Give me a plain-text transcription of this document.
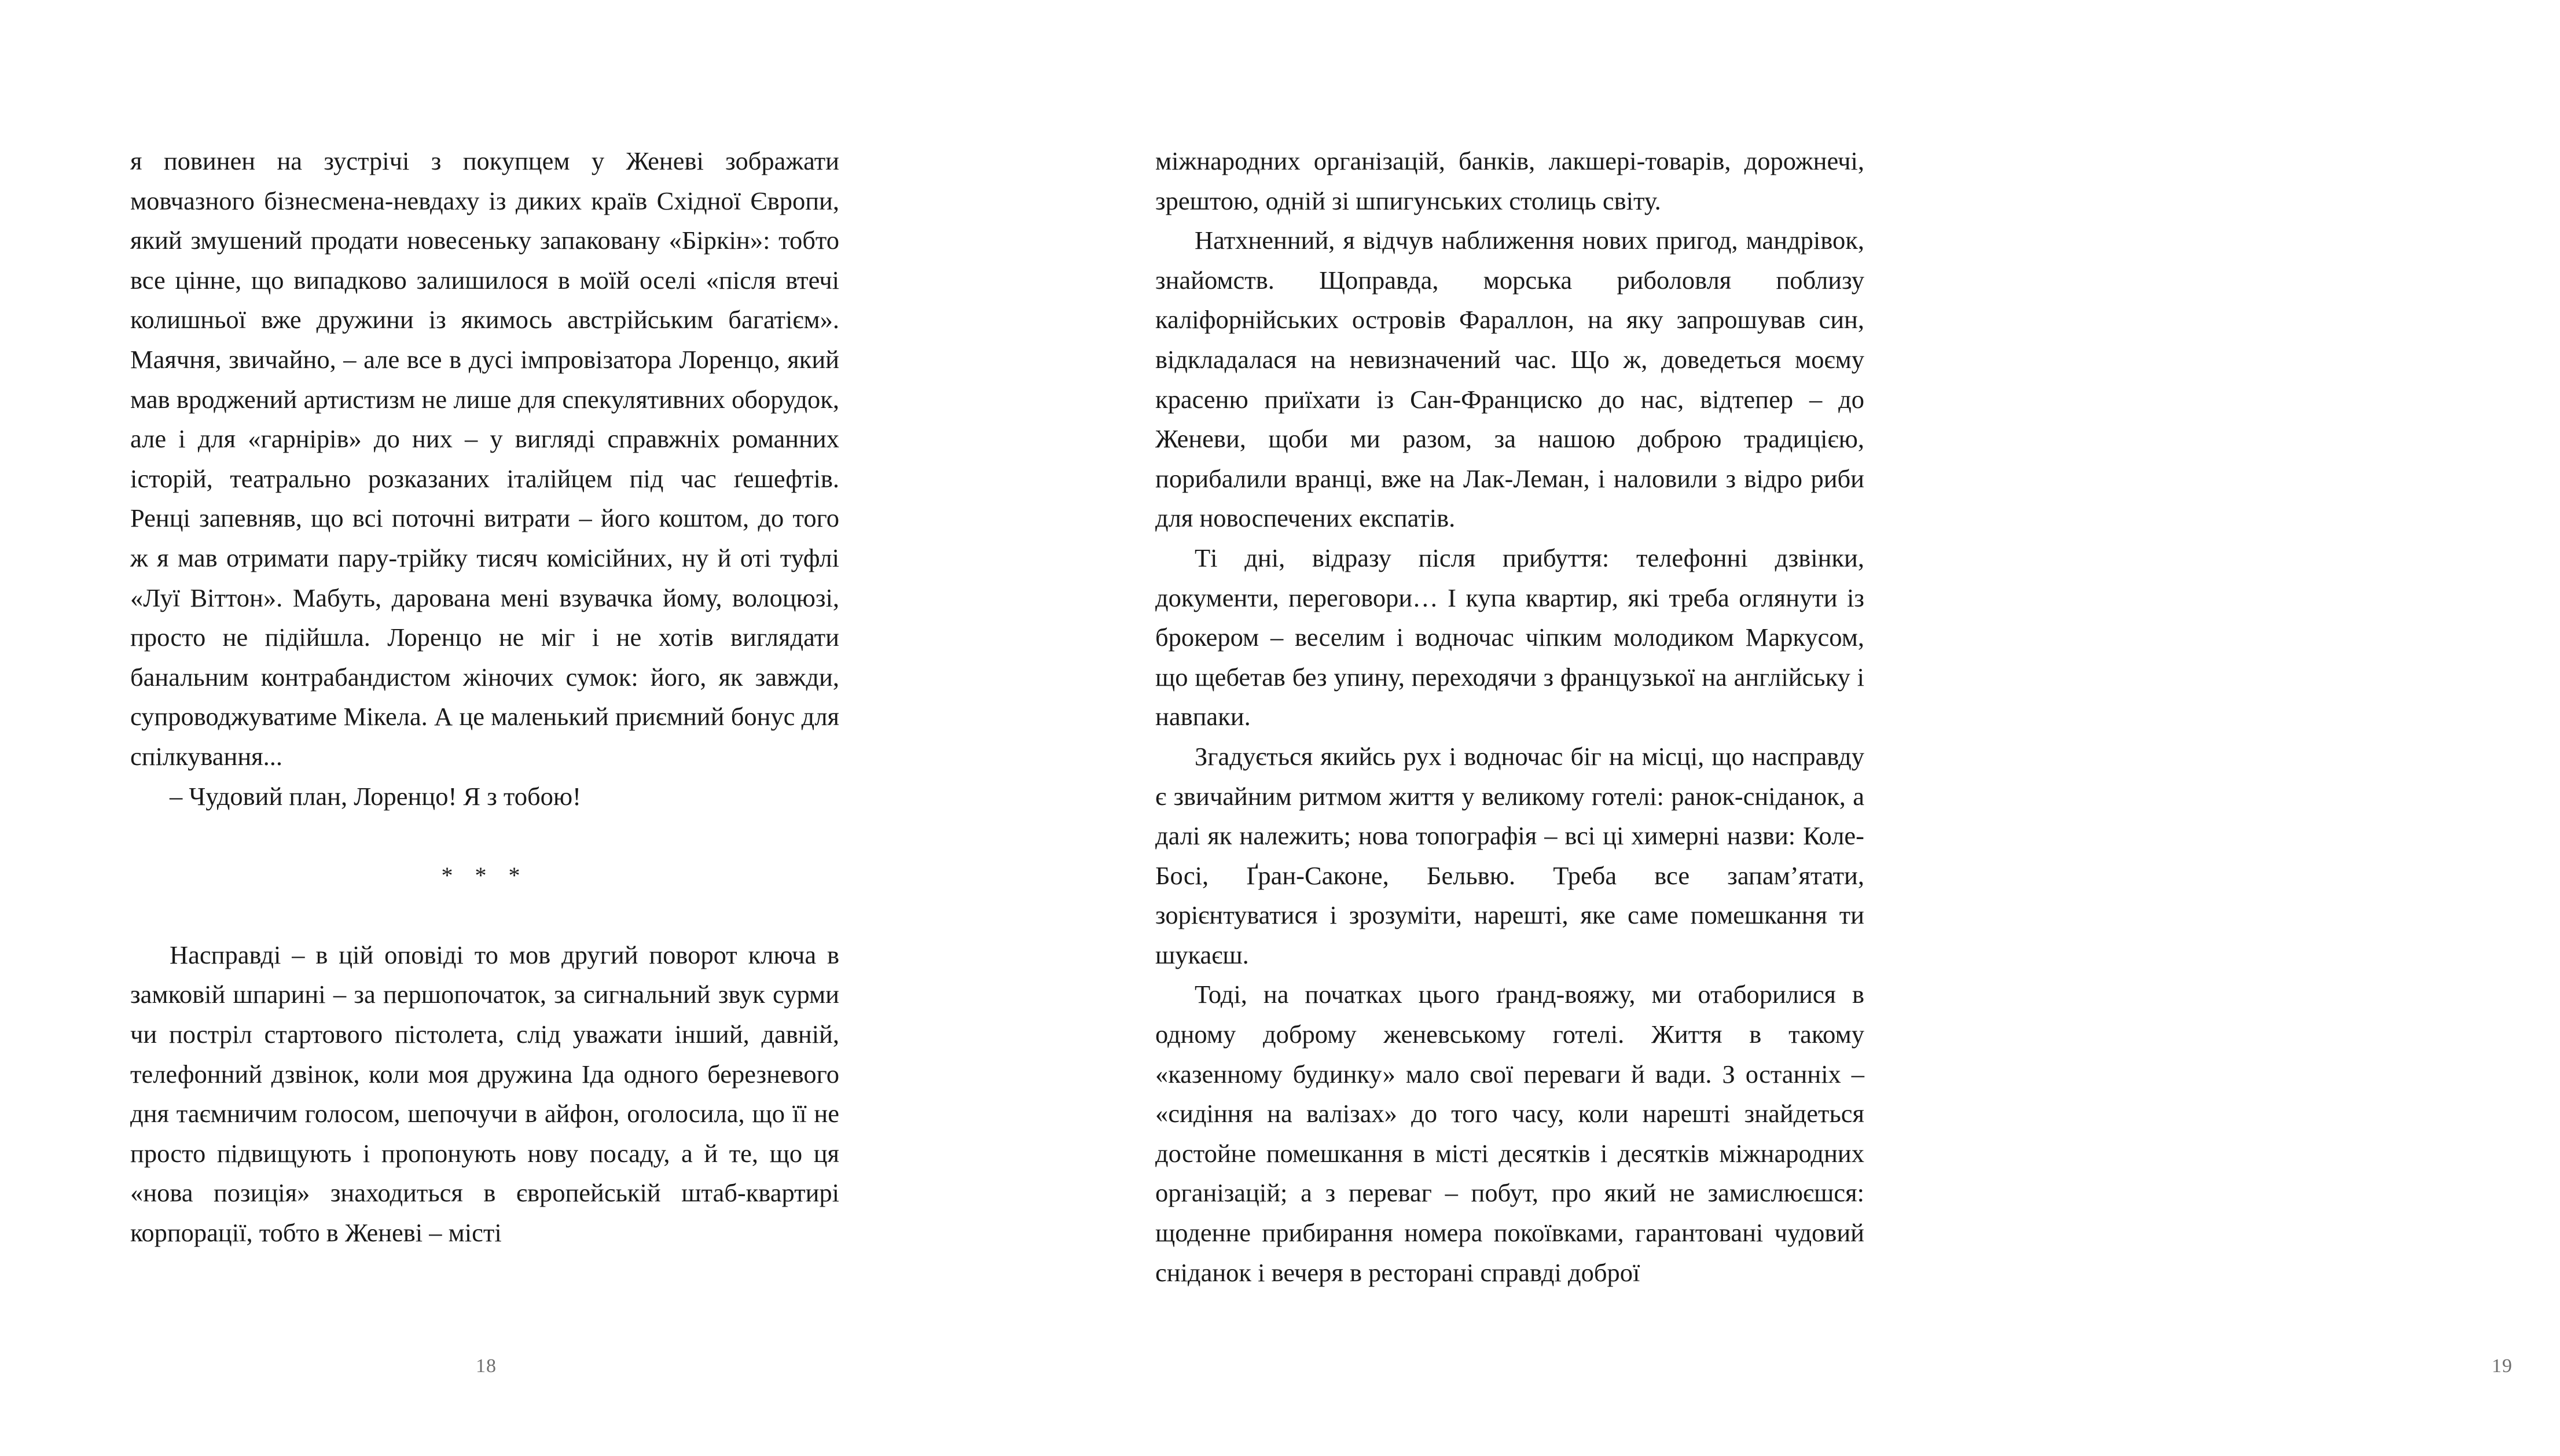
я повинен на зустрічі з покупцем у Женеві зображати мовчазного бізнесмена-невдаху із диких країв Східної Європи, який змушений продати новесеньку запаковану «Біркін»: тобто все цінне, що випадково залишилося в моїй оселі «після втечі колишньої вже дружини із якимось австрійським багатієм». Маячня, звичайно, – але все в дусі імпровізатора Лоренцо, який мав вроджений артистизм не лише для спекулятивних оборудок, але і для «гарнірів» до них – у вигляді справжніх романних історій, театрально розказаних італійцем під час ґешефтів. Ренці запевняв, що всі поточні витрати – його коштом, до того ж я мав отримати пару-трійку тисяч комісійних, ну й оті туфлі «Луї Віттон». Мабуть, дарована мені взувачка йому, волоцюзі, просто не підійшла. Лоренцо не міг і не хотів виглядати банальним контрабандистом жіночих сумок: його, як завжди, супроводжуватиме Мікела. А це маленький приємний бонус для спілкування...

– Чудовий план, Лоренцо! Я з тобою!

* * *

Насправді – в цій оповіді то мов другий поворот ключа в замковій шпарині – за першопочаток, за сигнальний звук сурми чи постріл стартового пістолета, слід уважати інший, давній, телефонний дзвінок, коли моя дружина Іда одного березневого дня таємничим голосом, шепочучи в айфон, оголосила, що її не просто підвищують і пропонують нову посаду, а й те, що ця «нова позиція» знаходиться в європейській штаб-квартирі корпорації, тобто в Женеві – місті

18

міжнародних організацій, банків, лакшері-товарів, дорожнечі, зрештою, одній зі шпигунських столиць світу.

Натхненний, я відчув наближення нових пригод, мандрівок, знайомств. Щоправда, морська риболовля поблизу каліфорнійських островів Фараллон, на яку запрошував син, відкладалася на невизначений час. Що ж, доведеться моєму красеню приїхати із Сан-Франциско до нас, відтепер – до Женеви, щоби ми разом, за нашою доброю традицією, порибалили вранці, вже на Лак-Леман, і наловили з відро риби для новоспечених експатів.

Ті дні, відразу після прибуття: телефонні дзвінки, документи, переговори… І купа квартир, які треба оглянути із брокером – веселим і водночас чіпким молодиком Маркусом, що щебетав без упину, переходячи з французької на англійську і навпаки.

Згадується якийсь рух і водночас біг на місці, що насправду є звичайним ритмом життя у великому готелі: ранок-сніданок, а далі як належить; нова топографія – всі ці химерні назви: Коле-Босі, Ґран-Саконе, Бельвю. Треба все запам’ятати, зорієнтуватися і зрозуміти, нарешті, яке саме помешкання ти шукаєш.

Тоді, на початках цього ґранд-вояжу, ми отаборилися в одному доброму женевському готелі. Життя в такому «казенному будинку» мало свої переваги й вади. З останніх – «сидіння на валізах» до того часу, коли нарешті знайдеться достойне помешкання в місті десятків і десятків міжнародних організацій; а з переваг – побут, про який не замислюєшся: щоденне прибирання номера покоївками, гарантовані чудовий сніданок і вечеря в ресторані справді доброї

19
